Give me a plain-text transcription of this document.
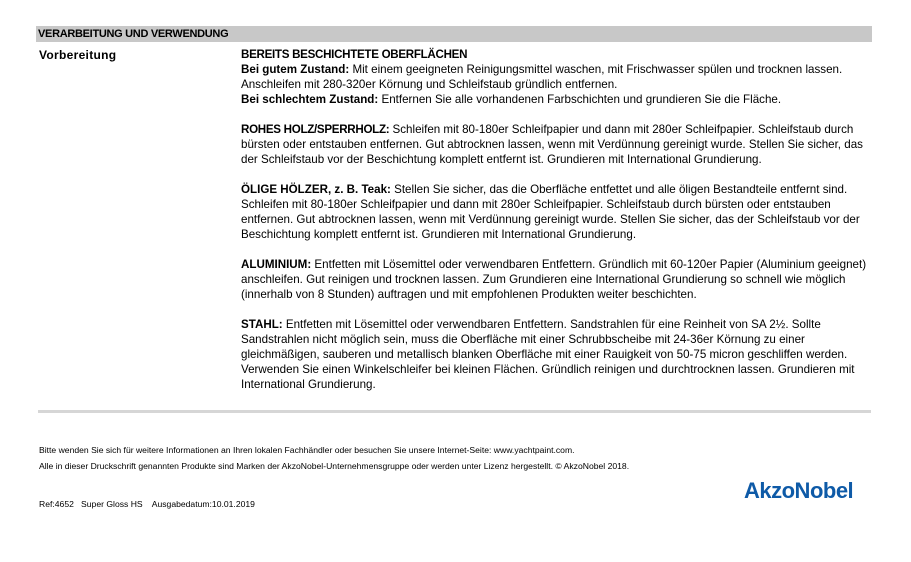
VERARBEITUNG UND VERWENDUNG
Vorbereitung	BEREITS BESCHICHTETE OBERFLÄCHEN
Bei gutem Zustand: Mit einem geeigneten Reinigungsmittel waschen, mit Frischwasser spülen und trocknen lassen. Anschleifen mit 280-320er Körnung und Schleifstaub gründlich entfernen.
Bei schlechtem Zustand: Entfernen Sie alle vorhandenen Farbschichten und grundieren Sie die Fläche.

ROHES HOLZ/SPERRHOLZ: Schleifen mit 80-180er Schleifpapier und dann mit 280er Schleifpapier. Schleifstaub durch bürsten oder entstauben entfernen. Gut abtrocknen lassen, wenn mit Verdünnung gereinigt wurde. Stellen Sie sicher, das der Schleifstaub vor der Beschichtung komplett entfernt ist. Grundieren mit International Grundierung.

ÖLIGE HÖLZER, z. B. Teak: Stellen Sie sicher, das die Oberfläche entfettet und alle öligen Bestandteile entfernt sind. Schleifen mit 80-180er Schleifpapier und dann mit 280er Schleifpapier. Schleifstaub durch bürsten oder entstauben entfernen. Gut abtrocknen lassen, wenn mit Verdünnung gereinigt wurde. Stellen Sie sicher, das der Schleifstaub vor der Beschichtung komplett entfernt ist. Grundieren mit International Grundierung.

ALUMINIUM: Entfetten mit Lösemittel oder verwendbaren Entfettern. Gründlich mit 60-120er Papier (Aluminium geeignet) anschleifen. Gut reinigen und trocknen lassen. Zum Grundieren eine International Grundierung so schnell wie möglich (innerhalb von 8 Stunden) auftragen und mit empfohlenen Produkten weiter beschichten.

STAHL: Entfetten mit Lösemittel oder verwendbaren Entfettern. Sandstrahlen für eine Reinheit von SA 2½. Sollte Sandstrahlen nicht möglich sein, muss die Oberfläche mit einer Schrubbscheibe mit 24-36er Körnung zu einer gleichmäßigen, sauberen und metallisch blanken Oberfläche mit einer Rauigkeit von 50-75 micron geschliffen werden. Verwenden Sie einen Winkelschleifer bei kleinen Flächen. Gründlich reinigen und durchtrocknen lassen. Grundieren mit International Grundierung.

Bitte wenden Sie sich für weitere Informationen an Ihren lokalen Fachhändler oder besuchen Sie unsere Internet-Seite: www.yachtpaint.com.
Alle in dieser Druckschrift genannten Produkte sind Marken der AkzoNobel-Unternehmensgruppe oder werden unter Lizenz hergestellt. © AkzoNobel 2018.
Ref:4652   Super Gloss HS    Ausgabedatum:10.01.2019
AkzoNobel
